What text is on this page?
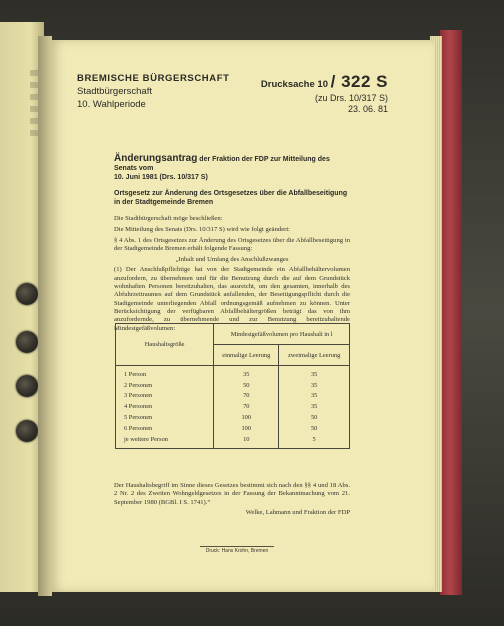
BREMISCHE BÜRGERSCHAFT
Stadtbürgerschaft
10. Wahlperiode
Drucksache 10 / 322 S
(zu Drs. 10/317 S)
23. 06. 81
Änderungsantrag der Fraktion der FDP zur Mitteilung des Senats vom
10. Juni 1981 (Drs. 10/317 S)
Ortsgesetz zur Änderung des Ortsgesetzes über die Abfallbeseitigung in der Stadtgemeinde Bremen

Die Stadtbürgerschaft möge beschließen:

Die Mitteilung des Senats (Drs. 10/317 S) wird wie folgt geändert:

§ 4 Abs. 1 des Ortsgesetzes zur Änderung des Ortsgesetzes über die Abfallbeseitigung in der Stadtgemeinde Bremen erhält folgende Fassung:

„Inhalt und Umfang des Anschlußzwanges

(1) Der Anschlußpflichtige hat von der Stadtgemeinde ein Abfallbehältervolumen anzufordern, zu übernehmen und für die Benutzung durch die auf dem Grundstück wohnhaften Personen bereitzuhalten, das ausreicht, um den gesamten, innerhalb des Abfuhrzeitraumes auf dem Grundstück anfallenden, der Beseitigungspflicht durch die Stadtgemeinde unterliegenden Abfall ordnungsgemäß aufnehmen zu können. Unter Berücksichtigung der verfügbaren Abfallbehältergrößen beträgt das von ihm anzufordernde, zu übernehmende und zur Benutzung bereitzuhaltende Mindestgefäßvolumen:

Haushaltsgröße	Mindestgefäßvolumen pro Haushalt in l	
	einmalige Leerung	zweimalige Leerung
1 Person	35	35
2 Personen	50	35
3 Personen	70	35
4 Personen	70	35
5 Personen	100	50
6 Personen	100	50
je weitere Person	10	5
Der Haushaltsbegriff im Sinne dieses Gesetzes bestimmt sich nach den §§ 4 und 18 Abs. 2 Nr. 2 des Zweiten Wohngeldgesetzes in der Fassung der Bekanntmachung vom 21. September 1980 (BGBl. I S. 1741).“
Welke, Lahmann und Fraktion der FDP
Druck: Hans Krohn, Bremen
